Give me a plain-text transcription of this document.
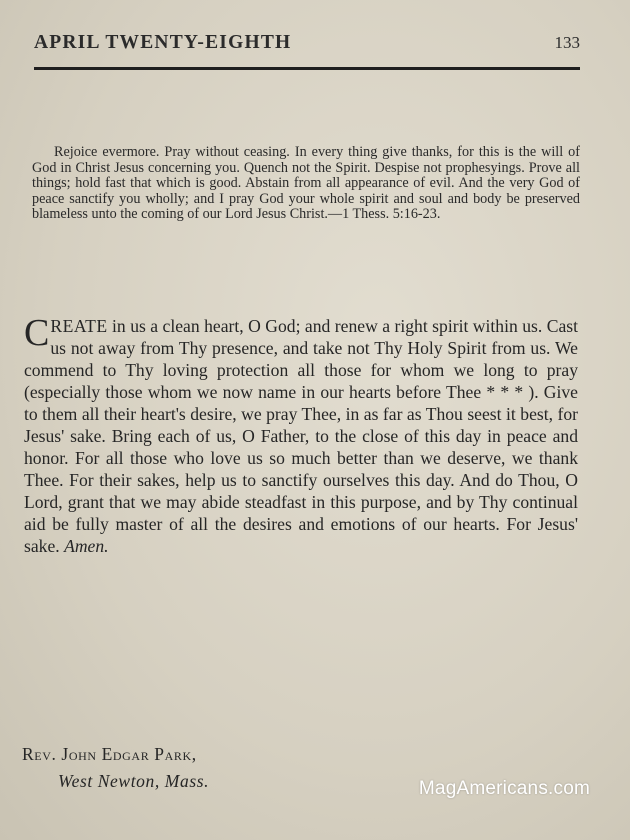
APRIL TWENTY-EIGHTH	133

Rejoice evermore. Pray without ceasing. In every thing give thanks, for this is the will of God in Christ Jesus concerning you. Quench not the Spirit. Despise not prophesyings. Prove all things; hold fast that which is good. Abstain from all appearance of evil. And the very God of peace sanctify you wholly; and I pray God your whole spirit and soul and body be preserved blameless unto the coming of our Lord Jesus Christ.—1 Thess. 5:16-23.

CREATE in us a clean heart, O God; and renew a right spirit within us. Cast us not away from Thy presence, and take not Thy Holy Spirit from us. We commend to Thy loving protection all those for whom we long to pray (especially those whom we now name in our hearts before Thee * * * ). Give to them all their heart's desire, we pray Thee, in as far as Thou seest it best, for Jesus' sake. Bring each of us, O Father, to the close of this day in peace and honor. For all those who love us so much better than we deserve, we thank Thee. For their sakes, help us to sanctify ourselves this day. And do Thou, O Lord, grant that we may abide steadfast in this purpose, and by Thy continual aid be fully master of all the desires and emotions of our hearts. For Jesus' sake. Amen.

Rev. John Edgar Park,
West Newton, Mass.	MagAmericans.com
